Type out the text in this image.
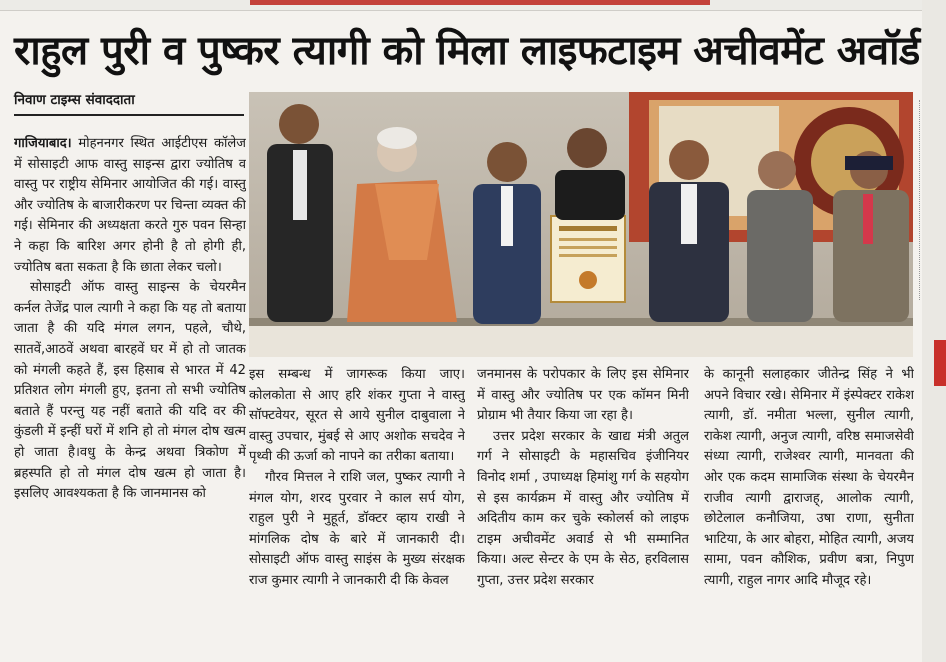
राहुल पुरी व पुष्कर त्यागी को मिला लाइफटाइम अचीवमेंट अवॉर्ड
निवाण टाइम्स संवाददाता

गाजियाबाद। मोहननगर स्थित आईटीएस कॉलेज में सोसाइटी आफ वास्तु साइन्स द्वारा ज्योतिष व वास्तु पर राष्ट्रीय सेमिनार आयोजित की गई। वास्तु और ज्योतिष के बाजारीकरण पर चिन्ता व्यक्त की गई। सेमिनार की अध्यक्षता करते गुरु पवन सिन्हा ने कहा कि बारिश अगर होनी है तो होगी ही, ज्योतिष बता सकता है कि छाता लेकर चलो।

सोसाइटी ऑफ वास्तु साइन्स के चेयरमैन कर्नल तेजेंद्र पाल त्यागी ने कहा कि यह तो बताया जाता है की यदि मंगल लगन, पहले, चौथे, सातवें,आठवें अथवा बारहवें घर में हो तो जातक को मंगली कहते हैं, इस हिसाब से भारत में 42 प्रतिशत लोग मंगली हुए, इतना तो सभी ज्योतिष बताते हैं परन्तु यह नहीं बताते की यदि वर की कुंडली में इन्हीं घरों में शनि हो तो मंगल दोष खत्म हो जाता है।वधु के केन्द्र अथवा त्रिकोण में ब्रहस्पति हो तो मंगल दोष खत्म हो जाता है। इसलिए आवश्यकता है कि जानमानस को

इस सम्बन्ध में जागरूक किया जाए। कोलकोता से आए हरि शंकर गुप्ता ने वास्तु सॉफ्टवेयर, सूरत से आये सुनील दाबुवाला ने वास्तु उपचार, मुंबई से आए अशोक सचदेव ने पृथ्वी की ऊर्जा को नापने का तरीका बताया।

गौरव मित्तल ने राशि जल, पुष्कर त्यागी ने मंगल योग, शरद पुरवार ने काल सर्प योग, राहुल पुरी ने मुहूर्त, डॉक्टर व्हाय राखी ने मांगलिक दोष के बारे में जानकारी दी। सोसाइटी ऑफ वास्तु साइंस के मुख्य संरक्षक राज कुमार त्यागी ने जानकारी दी कि केवल

जनमानस के परोपकार के लिए इस सेमिनार में वास्तु और ज्योतिष पर एक कॉमन मिनी प्रोग्राम भी तैयार किया जा रहा है।

उत्तर प्रदेश सरकार के खाद्य मंत्री अतुल गर्ग ने सोसाइटी के महासचिव इंजीनियर विनोद शर्मा , उपाध्यक्ष हिमांशु गर्ग के सहयोग से इस कार्यक्रम में वास्तु और ज्योतिष में अदितीय काम कर चुके स्कोलर्स को लाइफ टाइम अचीवमेंट अवार्ड से भी सम्मानित किया। अल्ट सेन्टर के एम के सेठ, हरविलास गुप्ता, उत्तर प्रदेश सरकार

के कानूनी सलाहकार जीतेन्द्र सिंह ने भी अपने विचार रखे। सेमिनार में इंस्पेक्टर राकेश त्यागी, डॉ. नमीता भल्ला, सुनील त्यागी, राकेश त्यागी, अनुज त्यागी, वरिष्ठ समाजसेवी संध्या त्यागी, राजेश्वर त्यागी, मानवता की ओर एक कदम सामाजिक संस्था के चेयरमैन राजीव त्यागी द्वाराजह्, आलोक त्यागी, छोटेलाल कनौजिया, उषा राणा, सुनीता भाटिया, के आर बोहरा, मोहित त्यागी, अजय सामा, पवन कौशिक, प्रवीण बत्रा, निपुण त्यागी, राहुल नागर आदि मौजूद रहे।
